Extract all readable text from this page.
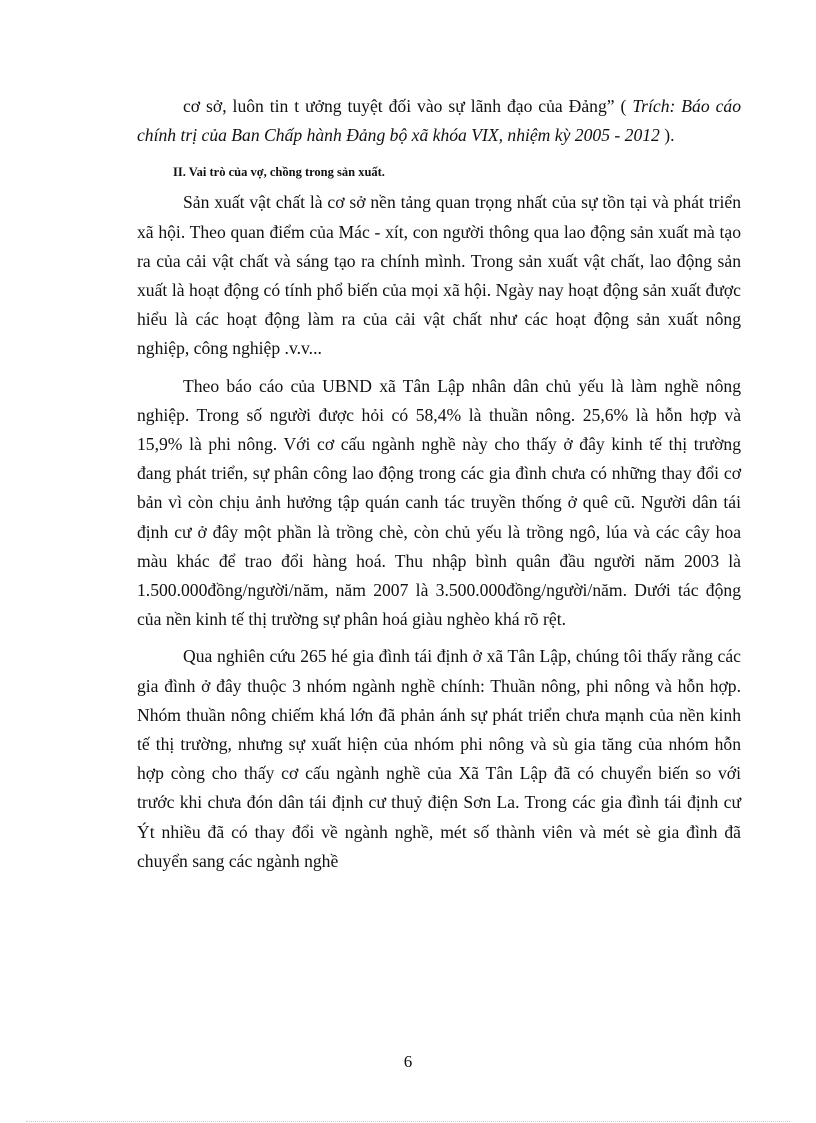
cơ sở, luôn tin t ưởng tuyệt đối vào sự lãnh đạo của Đảng” ( Trích: Báo cáo chính trị của Ban Chấp hành Đảng bộ xã khóa VIX, nhiệm kỳ 2005 - 2012 ).

II. Vai trò của vợ, chồng trong sản xuất.

Sản xuất vật chất là cơ sở nền tảng quan trọng nhất của sự tồn tại và phát triển xã hội. Theo quan điểm của Mác - xít, con người thông qua lao động sản xuất mà tạo ra của cải vật chất và sáng tạo ra chính mình. Trong sản xuất vật chất, lao động sản xuất là hoạt động có tính phổ biến của mọi xã hội. Ngày nay hoạt động sản xuất được hiểu là các hoạt động làm ra của cải vật chất như các hoạt động sản xuất nông nghiệp, công nghiệp .v.v...

Theo báo cáo của UBND xã Tân Lập nhân dân chủ yếu là làm nghề nông nghiệp. Trong số người được hỏi có 58,4% là thuần nông. 25,6% là hỗn hợp và 15,9% là phi nông. Với cơ cấu ngành nghề này cho thấy ở đây kinh tế thị trường đang phát triển, sự phân công lao động trong các gia đình chưa có những thay đổi cơ bản vì còn chịu ảnh hưởng tập quán canh tác truyền thống ở quê cũ. Người dân tái định cư ở đây một phần là trồng chè, còn chủ yếu là trồng ngô, lúa và các cây hoa màu khác để trao đổi hàng hoá. Thu nhập bình quân đầu người năm 2003 là 1.500.000đồng/người/năm, năm 2007 là 3.500.000đồng/người/năm. Dưới tác động của nền kinh tế thị trường sự phân hoá giàu nghèo khá rõ rệt.

Qua nghiên cứu 265 hé gia đình tái định ở xã Tân Lập, chúng tôi thấy rằng các gia đình ở đây thuộc 3 nhóm ngành nghề chính: Thuần nông, phi nông và hỗn hợp. Nhóm thuần nông chiếm khá lớn đã phản ánh sự phát triển chưa mạnh của nền kinh tế thị trường, nhưng sự xuất hiện của nhóm phi nông và sù gia tăng của nhóm hỗn hợp còng cho thấy cơ cấu ngành nghề của Xã Tân Lập đã có chuyển biến so với trước khi chưa đón dân tái định cư thuỷ điện Sơn La. Trong các gia đình tái định cư Ýt nhiều đã có thay đổi về ngành nghề, mét số thành viên và mét sè gia đình đã chuyển sang các ngành nghề

6
